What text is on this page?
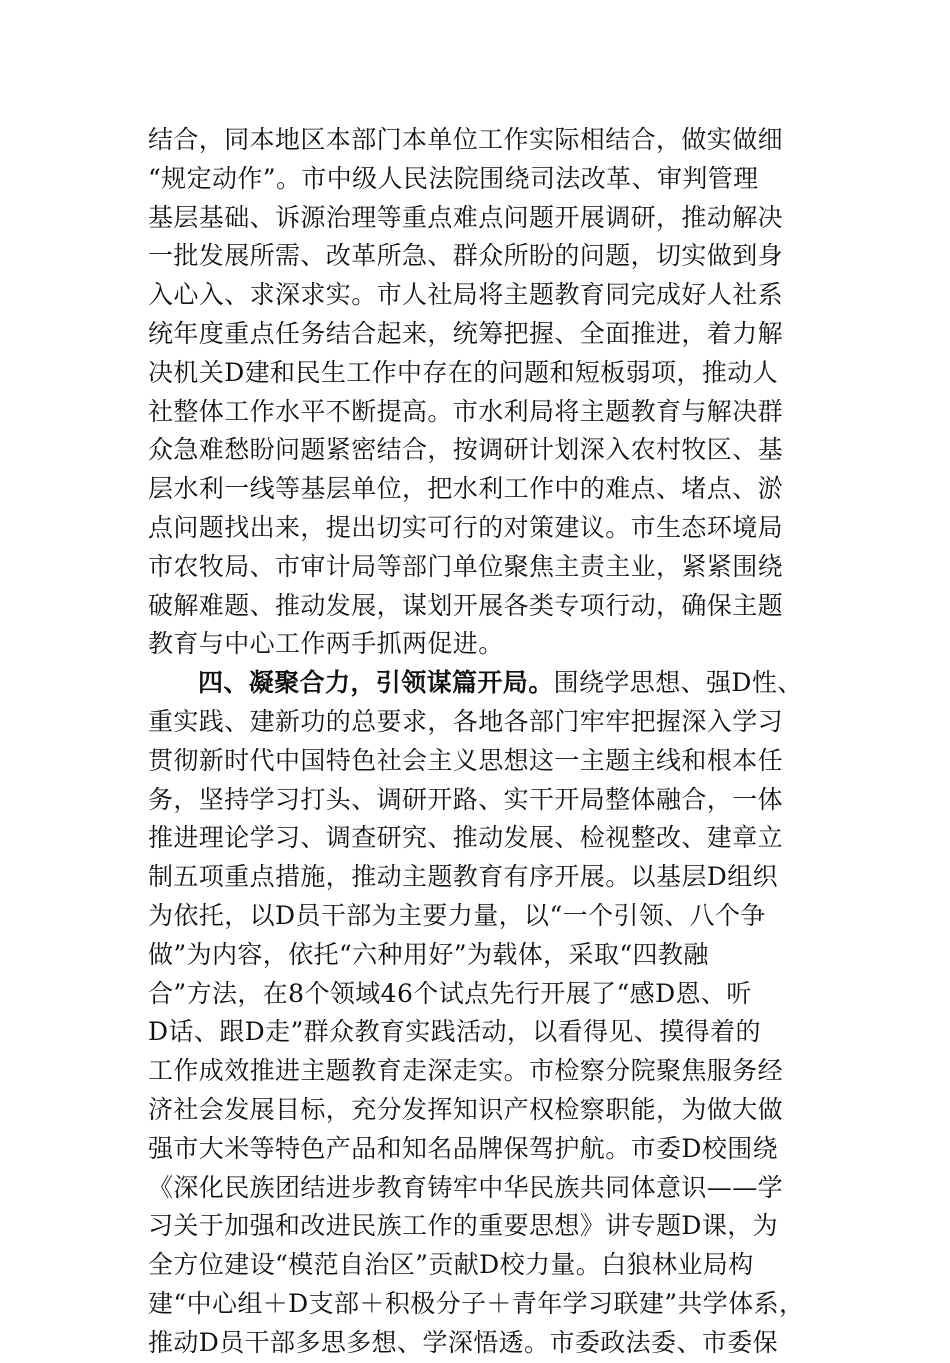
结合，同本地区本部门本单位工作实际相结合，做实做细
“规定动作”。市中级人民法院围绕司法改革、审判管理
基层基础、诉源治理等重点难点问题开展调研，推动解决
一批发展所需、改革所急、群众所盼的问题，切实做到身
入心入、求深求实。市人社局将主题教育同完成好人社系
统年度重点任务结合起来，统筹把握、全面推进，着力解
决机关D建和民生工作中存在的问题和短板弱项，推动人
社整体工作水平不断提高。市水利局将主题教育与解决群
众急难愁盼问题紧密结合，按调研计划深入农村牧区、基
层水利一线等基层单位，把水利工作中的难点、堵点、淤
点问题找出来，提出切实可行的对策建议。市生态环境局
市农牧局、市审计局等部门单位聚焦主责主业，紧紧围绕
破解难题、推动发展，谋划开展各类专项行动，确保主题
教育与中心工作两手抓两促进。
四、凝聚合力，引领谋篇开局。围绕学思想、强D性、
重实践、建新功的总要求，各地各部门牢牢把握深入学习
贯彻新时代中国特色社会主义思想这一主题主线和根本任
务，坚持学习打头、调研开路、实干开局整体融合，一体
推进理论学习、调查研究、推动发展、检视整改、建章立
制五项重点措施，推动主题教育有序开展。以基层D组织
为依托，以D员干部为主要力量，以“一个引领、八个争
做”为内容，依托“六种用好”为载体，采取“四教融
合”方法，在8个领域46个试点先行开展了“感D恩、听
D话、跟D走”群众教育实践活动，以看得见、摸得着的
工作成效推进主题教育走深走实。市检察分院聚焦服务经
济社会发展目标，充分发挥知识产权检察职能，为做大做
强市大米等特色产品和知名品牌保驾护航。市委D校围绕
《深化民族团结进步教育铸牢中华民族共同体意识——学
习关于加强和改进民族工作的重要思想》讲专题D课，为
全方位建设“模范自治区”贡献D校力量。白狼林业局构
建“中心组＋D支部＋积极分子＋青年学习联建”共学体系，
推动D员干部多思多想、学深悟透。市委政法委、市委保
